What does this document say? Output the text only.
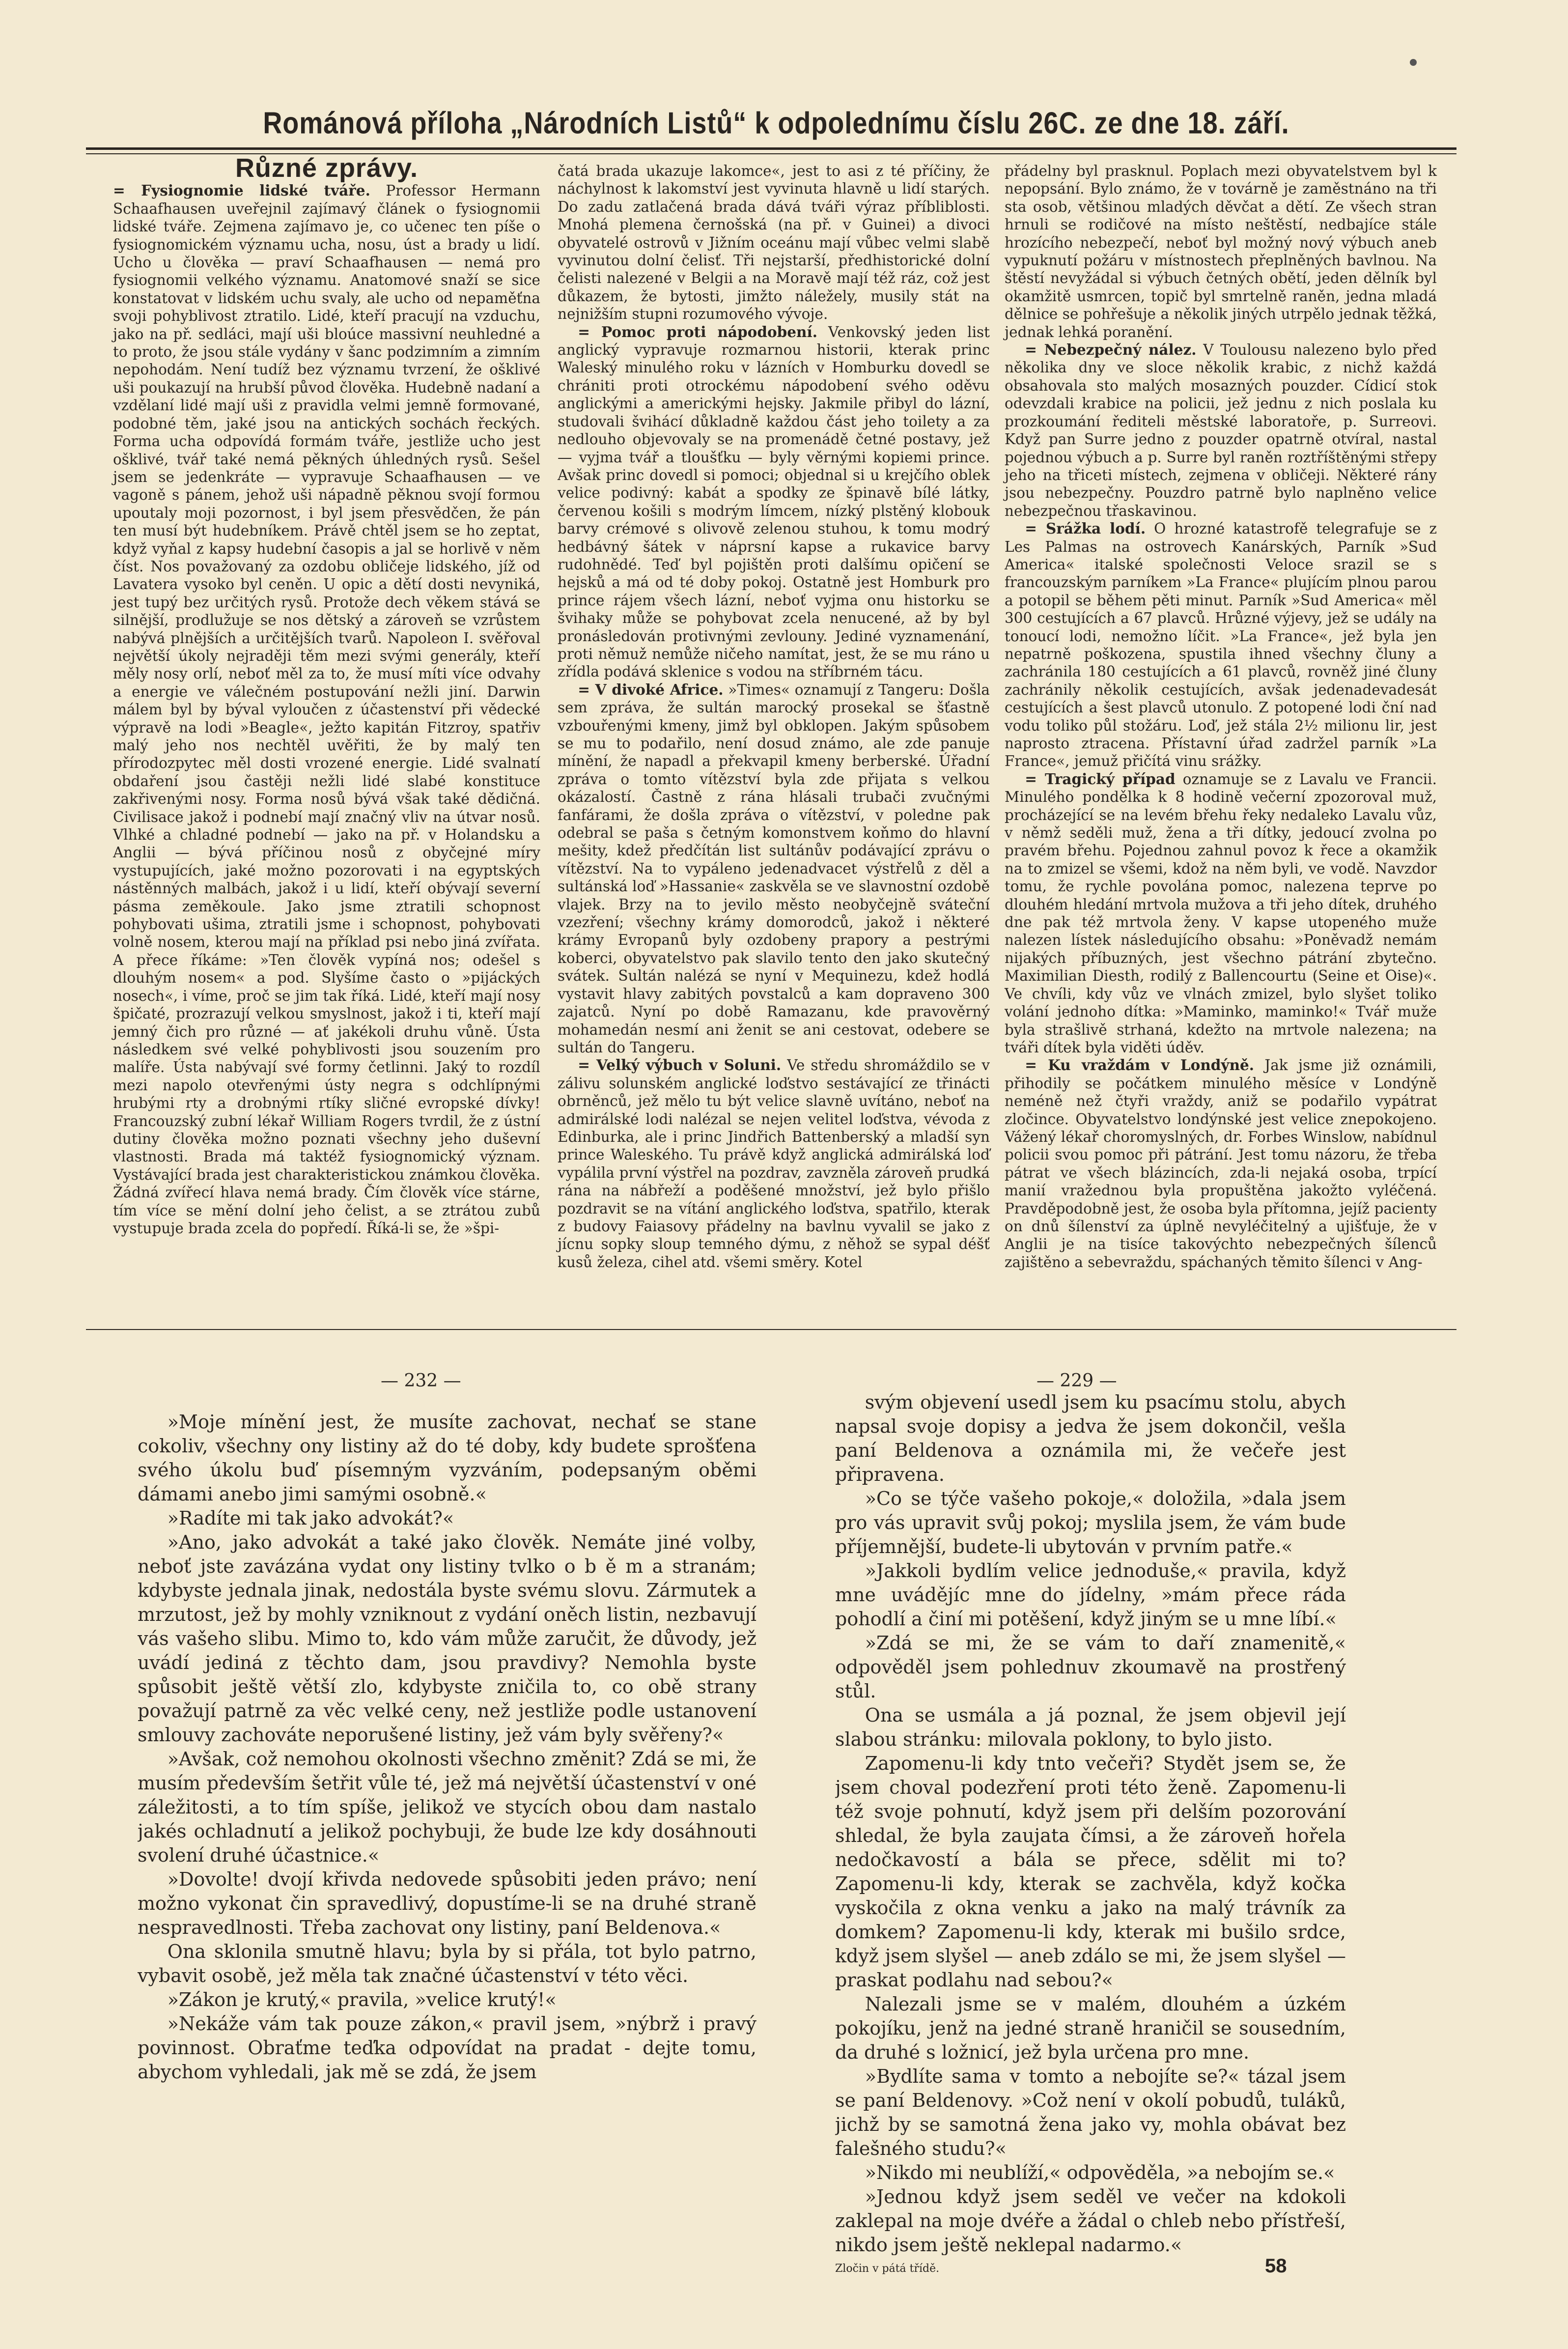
Románová příloha „Národních Listů“ k odpolednímu číslu 26C. ze dne 18. září.
Různé zprávy.

= Fysiognomie lidské tváře. Professor Hermann Schaafhausen uveřejnil zajímavý článek o fysiognomii lidské tváře. Zejmena zajímavo je, co učenec ten píše o fysiognomickém významu ucha, nosu, úst a brady u lidí. Ucho u člověka — praví Schaafhausen — nemá pro fysiognomii velkého významu. Anatomové snaží se sice konstatovat v lidském uchu svaly, ale ucho od nepaměťna svoji pohyblivost ztratilo. Lidé, kteří pracují na vzduchu, jako na př. sedláci, mají uši bloúce massivní neuhledné a to proto, že jsou stále vydány v šanc podzimním a zimním nepohodám. Není tudíž bez významu tvrzení, že ošklivé uši poukazují na hrubší původ člověka. Hudebně nadaní a vzdělaní lidé mají uši z pravidla velmi jemně formované, podobné těm, jaké jsou na antických sochách řeckých. Forma ucha odpovídá formám tváře, jestliže ucho jest ošklivé, tvář také nemá pěkných úhledných rysů. Sešel jsem se jedenkráte — vypravuje Schaafhausen — ve vagoně s pánem, jehož uši nápadně pěknou svojí formou upoutaly moji pozornost, i byl jsem přesvědčen, že pán ten musí být hudebníkem. Právě chtěl jsem se ho zeptat, když vyňal z kapsy hudební časopis a jal se horlivě v něm číst. Nos považovaný za ozdobu obličeje lidského, jíž od Lavatera vysoko byl ceněn. U opic a dětí dosti nevyniká, jest tupý bez určitých rysů. Protože dech věkem stává se silnější, prodlužuje se nos dětský a zároveň se vzrůstem nabývá plnějších a určitějších tvarů. Napoleon I. svěřoval největší úkoly nejraději těm mezi svými generály, kteří měly nosy orlí, neboť měl za to, že musí míti více odvahy a energie ve válečném postupování nežli jiní. Darwin málem byl by býval vyloučen z účastenství při vědecké výpravě na lodi »Beagle«, ježto kapitán Fitzroy, spatřiv malý jeho nos nechtěl uvěřiti, že by malý ten přírodozpytec měl dosti vrozené energie. Lidé svalnatí obdaření jsou častěji nežli lidé slabé konstituce zakřivenými nosy. Forma nosů bývá však také dědičná. Civilisace jakož i podnebí mají značný vliv na útvar nosů. Vlhké a chladné podnebí — jako na př. v Holandsku a Anglii — bývá příčinou nosů z obyčejné míry vystupujících, jaké možno pozorovati i na egyptských nástěnných malbách, jakož i u lidí, kteří obývají severní pásma zeměkoule. Jako jsme ztratili schopnost pohybovati ušima, ztratili jsme i schopnost, pohybovati volně nosem, kterou mají na příklad psi nebo jiná zvířata. A přece říkáme: »Ten člověk vypíná nos; odešel s dlouhým nosem« a pod. Slyšíme často o »pijáckých nosech«, i víme, proč se jim tak říká. Lidé, kteří mají nosy špičaté, prozrazují velkou smyslnost, jakož i ti, kteří mají jemný čich pro různé — ať jakékoli druhu vůně. Ústa následkem své velké pohyblivosti jsou souzením pro malíře. Ústa nabývají své formy četlinni. Jaký to rozdíl mezi napolo otevřenými ústy negra s odchlípnými hrubými rty a drobnými rtíky sličné evropské dívky! Francouzský zubní lékař William Rogers tvrdil, že z ústní dutiny člověka možno poznati všechny jeho duševní vlastnosti. Brada má taktéž fysiognomický význam. Vystávající brada jest charakteristickou známkou člověka. Žádná zvířecí hlava nemá brady. Čím člověk více stárne, tím více se mění dolní jeho čelist, a se ztrátou zubů vystupuje brada zcela do popředí. Říká-li se, že »špi-

čatá brada ukazuje lakomce«, jest to asi z té příčiny, že náchylnost k lakomství jest vyvinuta hlavně u lidí starých. Do zadu zatlačená brada dává tváři výraz příbliblosti. Mnohá plemena černošská (na př. v Guinei) a divoci obyvatelé ostrovů v Jižním oceánu mají vůbec velmi slabě vyvinutou dolní čelisť. Tři nejstarší, předhistorické dolní čelisti nalezené v Belgii a na Moravě mají též ráz, což jest důkazem, že bytosti, jimžto náležely, musily stát na nejnižším stupni rozumového vývoje.

= Pomoc proti nápodobení. Venkovský jeden list anglický vypravuje rozmarnou historii, kterak princ Waleský minulého roku v lázních v Homburku dovedl se chrániti proti otrockému nápodobení svého oděvu anglickými a americkými hejsky. Jakmile přibyl do lázní, studovali švihácí důkladně každou část jeho toilety a za nedlouho objevovaly se na promenádě četné postavy, jež — vyjma tvář a tloušťku — byly věrnými kopiemi prince. Avšak princ dovedl si pomoci; objednal si u krejčího oblek velice podivný: kabát a spodky ze špinavě bílé látky, červenou košili s modrým límcem, nízký plstěný klobouk barvy crémové s olivově zelenou stuhou, k tomu modrý hedbávný šátek v náprsní kapse a rukavice barvy rudohnědé. Teď byl pojištěn proti dalšímu opičení se hejsků a má od té doby pokoj. Ostatně jest Homburk pro prince rájem všech lázní, neboť vyjma onu historku se švihaky může se pohybovat zcela nenucené, až by byl pronásledován protivnými zevlouny. Jediné vyznamenání, proti němuž nemůže ničeho namítat, jest, že se mu ráno u zřídla podává sklenice s vodou na stříbrném tácu.

= V divoké Africe. »Times« oznamují z Tangeru: Došla sem zpráva, že sultán marocký prosekal se šťastně vzbouřenými kmeny, jimž byl obklopen. Jakým spůsobem se mu to podařilo, není dosud známo, ale zde panuje mínění, že napadl a překvapil kmeny berberské. Úřadní zpráva o tomto vítězství byla zde přijata s velkou okázalostí. Častně z rána hlásali trubači zvučnými fanfárami, že došla zpráva o vítězství, v poledne pak odebral se paša s četným komonstvem koňmo do hlavní mešity, kdež předčítán list sultánův podávající zprávu o vítězství. Na to vypáleno jedenadvacet výstřelů z děl a sultánská loď »Hassanie« zaskvěla se ve slavnostní ozdobě vlajek. Brzy na to jevilo město neobyčejně sváteční vzezření; všechny krámy domorodců, jakož i některé krámy Evropanů byly ozdobeny prapory a pestrými koberci, obyvatelstvo pak slavilo tento den jako skutečný svátek. Sultán nalézá se nyní v Mequinezu, kdež hodlá vystavit hlavy zabitých povstalců a kam dopraveno 300 zajatců. Nyní po době Ramazanu, kde pravověrný mohamedán nesmí ani ženit se ani cestovat, odebere se sultán do Tangeru.

= Velký výbuch v Soluni. Ve středu shromáždilo se v zálivu solunském anglické loďstvo sestávající ze třinácti obrněnců, jež mělo tu být velice slavně uvítáno, neboť na admirálské lodi nalézal se nejen velitel loďstva, vévoda z Edinburka, ale i princ Jindřich Battenberský a mladší syn prince Waleského. Tu právě když anglická admirálská loď vypálila první výstřel na pozdrav, zavzněla zároveň prudká rána na nábřeží a poděšené množství, jež bylo přišlo pozdravit se na vítání anglického loďstva, spatřilo, kterak z budovy Faiasovy přádelny na bavlnu vyvalil se jako z jícnu sopky sloup temného dýmu, z něhož se sypal déšť kusů železa, cihel atd. všemi směry. Kotel

přádelny byl prasknul. Poplach mezi obyvatelstvem byl k nepopsání. Bylo známo, že v továrně je zaměstnáno na tři sta osob, většinou mladých děvčat a dětí. Ze všech stran hrnuli se rodičové na místo neštěstí, nedbajíce stále hrozícího nebezpečí, neboť byl možný nový výbuch aneb vypuknutí požáru v místnostech přeplněných bavlnou. Na štěstí nevyžádal si výbuch četných obětí, jeden dělník byl okamžitě usmrcen, topič byl smrtelně raněn, jedna mladá dělnice se pohřešuje a několik jiných utrpělo jednak těžká, jednak lehká poranění.

= Nebezpečný nález. V Toulousu nalezeno bylo před několika dny ve sloce několik krabic, z nichž každá obsahovala sto malých mosazných pouzder. Cídicí stok odevzdali krabice na policii, jež jednu z nich poslala ku prozkoumání řediteli městské laboratoře, p. Surreovi. Když pan Surre jedno z pouzder opatrně otvíral, nastal pojednou výbuch a p. Surre byl raněn roztříštěnými střepy jeho na třiceti místech, zejmena v obličeji. Některé rány jsou nebezpečny. Pouzdro patrně bylo naplněno velice nebezpečnou třaskavinou.

= Srážka lodí. O hrozné katastrofě telegrafuje se z Les Palmas na ostrovech Kanárských, Parník »Sud America« italské společnosti Veloce srazil se s francouzským parníkem »La France« plujícím plnou parou a potopil se během pěti minut. Parník »Sud America« měl 300 cestujících a 67 plavců. Hrůzné výjevy, jež se udály na tonoucí lodi, nemožno líčit. »La France«, jež byla jen nepatrně poškozena, spustila ihned všechny čluny a zachránila 180 cestujících a 61 plavců, rovněž jiné čluny zachránily několik cestujících, avšak jedenadevadesát cestujících a šest plavců utonulo. Z potopené lodi ční nad vodu toliko půl stožáru. Loď, jež stála 2½ milionu lir, jest naprosto ztracena. Přístavní úřad zadržel parník »La France«, jemuž přičítá vinu srážky.

= Tragický případ oznamuje se z Lavalu ve Francii. Minulého pondělka k 8 hodině večerní zpozoroval muž, procházející se na levém břehu řeky nedaleko Lavalu vůz, v němž seděli muž, žena a tři dítky, jedoucí zvolna po pravém břehu. Pojednou zahnul povoz k řece a okamžik na to zmizel se všemi, kdož na něm byli, ve vodě. Navzdor tomu, že rychle povolána pomoc, nalezena teprve po dlouhém hledání mrtvola mužova a tři jeho dítek, druhého dne pak též mrtvola ženy. V kapse utopeného muže nalezen lístek následujícího obsahu: »Poněvadž nemám nijakých příbuzných, jest všechno pátrání zbytečno. Maximilian Diesth, rodilý z Ballencourtu (Seine et Oise)«. Ve chvíli, kdy vůz ve vlnách zmizel, bylo slyšet toliko volání jednoho dítka: »Maminko, maminko!« Tvář muže byla strašlivě strhaná, kdežto na mrtvole nalezena; na tváři dítek byla viděti úděv.

= Ku vraždám v Londýně. Jak jsme již oznámili, přihodily se počátkem minulého měsíce v Londýně neméně než čtyři vraždy, aniž se podařilo vypátrat zločince. Obyvatelstvo londýnské jest velice znepokojeno. Vážený lékař choromyslných, dr. Forbes Winslow, nabídnul policii svou pomoc při pátrání. Jest tomu názoru, že třeba pátrat ve všech blázincích, zda-li nejaká osoba, trpící manií vražednou byla propuštěna jakožto vyléčená. Pravděpodobně jest, že osoba byla přítomna, jejíž pacienty on dnů šílenství za úplně nevyléčitelný a ujišťuje, že v Anglii je na tisíce takovýchto nebezpečných šílenců zajištěno a sebevraždu, spáchaných těmito šílenci v Ang-

— 232 —	— 229 —

»Moje mínění jest, že musíte zachovat, nechať se stane cokoliv, všechny ony listiny až do té doby, kdy budete sprošťena svého úkolu buď písemným vyzváním, podepsaným oběmi dámami anebo jimi samými osobně.«

»Radíte mi tak jako advokát?«

»Ano, jako advokát a také jako člověk. Nemáte jiné volby, neboť jste zavázána vydat ony listiny tvlko o b ě m a stranám; kdybyste jednala jinak, nedostála byste svému slovu. Zármutek a mrzutost, jež by mohly vzniknout z vydání oněch listin, nezbavují vás vašeho slibu. Mimo to, kdo vám může zaručit, že důvody, jež uvádí jediná z těchto dam, jsou pravdivy? Nemohla byste spůsobit ještě větší zlo, kdybyste zničila to, co obě strany považují patrně za věc velké ceny, než jestliže podle ustanovení smlouvy zachováte neporušené listiny, jež vám byly svěřeny?«

»Avšak, což nemohou okolnosti všechno změnit? Zdá se mi, že musím především šetřit vůle té, jež má největší účastenství v oné záležitosti, a to tím spíše, jelikož ve stycích obou dam nastalo jakés ochladnutí a jelikož pochybuji, že bude lze kdy dosáhnouti svolení druhé účastnice.«

»Dovolte! dvojí křivda nedovede spůsobiti jeden právo; není možno vykonat čin spravedlivý, dopustíme-li se na druhé straně nespravedlnosti. Třeba zachovat ony listiny, paní Beldenova.«

Ona sklonila smutně hlavu; byla by si přála, tot bylo patrno, vybavit osobě, jež měla tak značné účastenství v této věci.

»Zákon je krutý,« pravila, »velice krutý!«

»Nekáže vám tak pouze zákon,« pravil jsem, »nýbrž i pravý povinnost. Obraťme teďka odpovídat na pradat - dejte tomu, abychom vyhledali, jak mě se zdá, že jsem

svým objevení usedl jsem ku psacímu stolu, abych napsal svoje dopisy a jedva že jsem dokončil, vešla paní Beldenova a oznámila mi, že večeře jest připravena.

»Co se týče vašeho pokoje,« doložila, »dala jsem pro vás upravit svůj pokoj; myslila jsem, že vám bude příjemnější, budete-li ubytován v prvním patře.«

»Jakkoli bydlím velice jednoduše,« pravila, když mne uvádějíc mne do jídelny, »mám přece ráda pohodlí a činí mi potěšení, když jiným se u mne líbí.«

»Zdá se mi, že se vám to daří znamenitě,« odpověděl jsem pohlednuv zkoumavě na prostřený stůl.

Ona se usmála a já poznal, že jsem objevil její slabou stránku: milovala poklony, to bylo jisto.

Zapomenu-li kdy tnto večeři? Stydět jsem se, že jsem choval podezření proti této ženě. Zapomenu-li též svoje pohnutí, když jsem při delším pozorování shledal, že byla zaujata čímsi, a že zároveň hořela nedočkavostí a bála se přece, sdělit mi to? Zapomenu-li kdy, kterak se zachvěla, když kočka vyskočila z okna venku a jako na malý trávník za domkem? Zapomenu-li kdy, kterak mi bušilo srdce, když jsem slyšel — aneb zdálo se mi, že jsem slyšel — praskat podlahu nad sebou?«

Nalezali jsme se v malém, dlouhém a úzkém pokojíku, jenž na jedné straně hraničil se sousedním, da druhé s ložnicí, jež byla určena pro mne.

»Bydlíte sama v tomto a nebojíte se?« tázal jsem se paní Beldenovy. »Což není v okolí pobudů, tuláků, jichž by se samotná žena jako vy, mohla obávat bez falešného studu?«

»Nikdo mi neublíží,« odpověděla, »a nebojím se.«

»Jednou když jsem seděl ve večer na kdokoli zaklepal na moje dvéře a žádal o chleb nebo přístřeší, nikdo jsem ještě neklepal nadarmo.«

Zločin v pátá třídě.	58
